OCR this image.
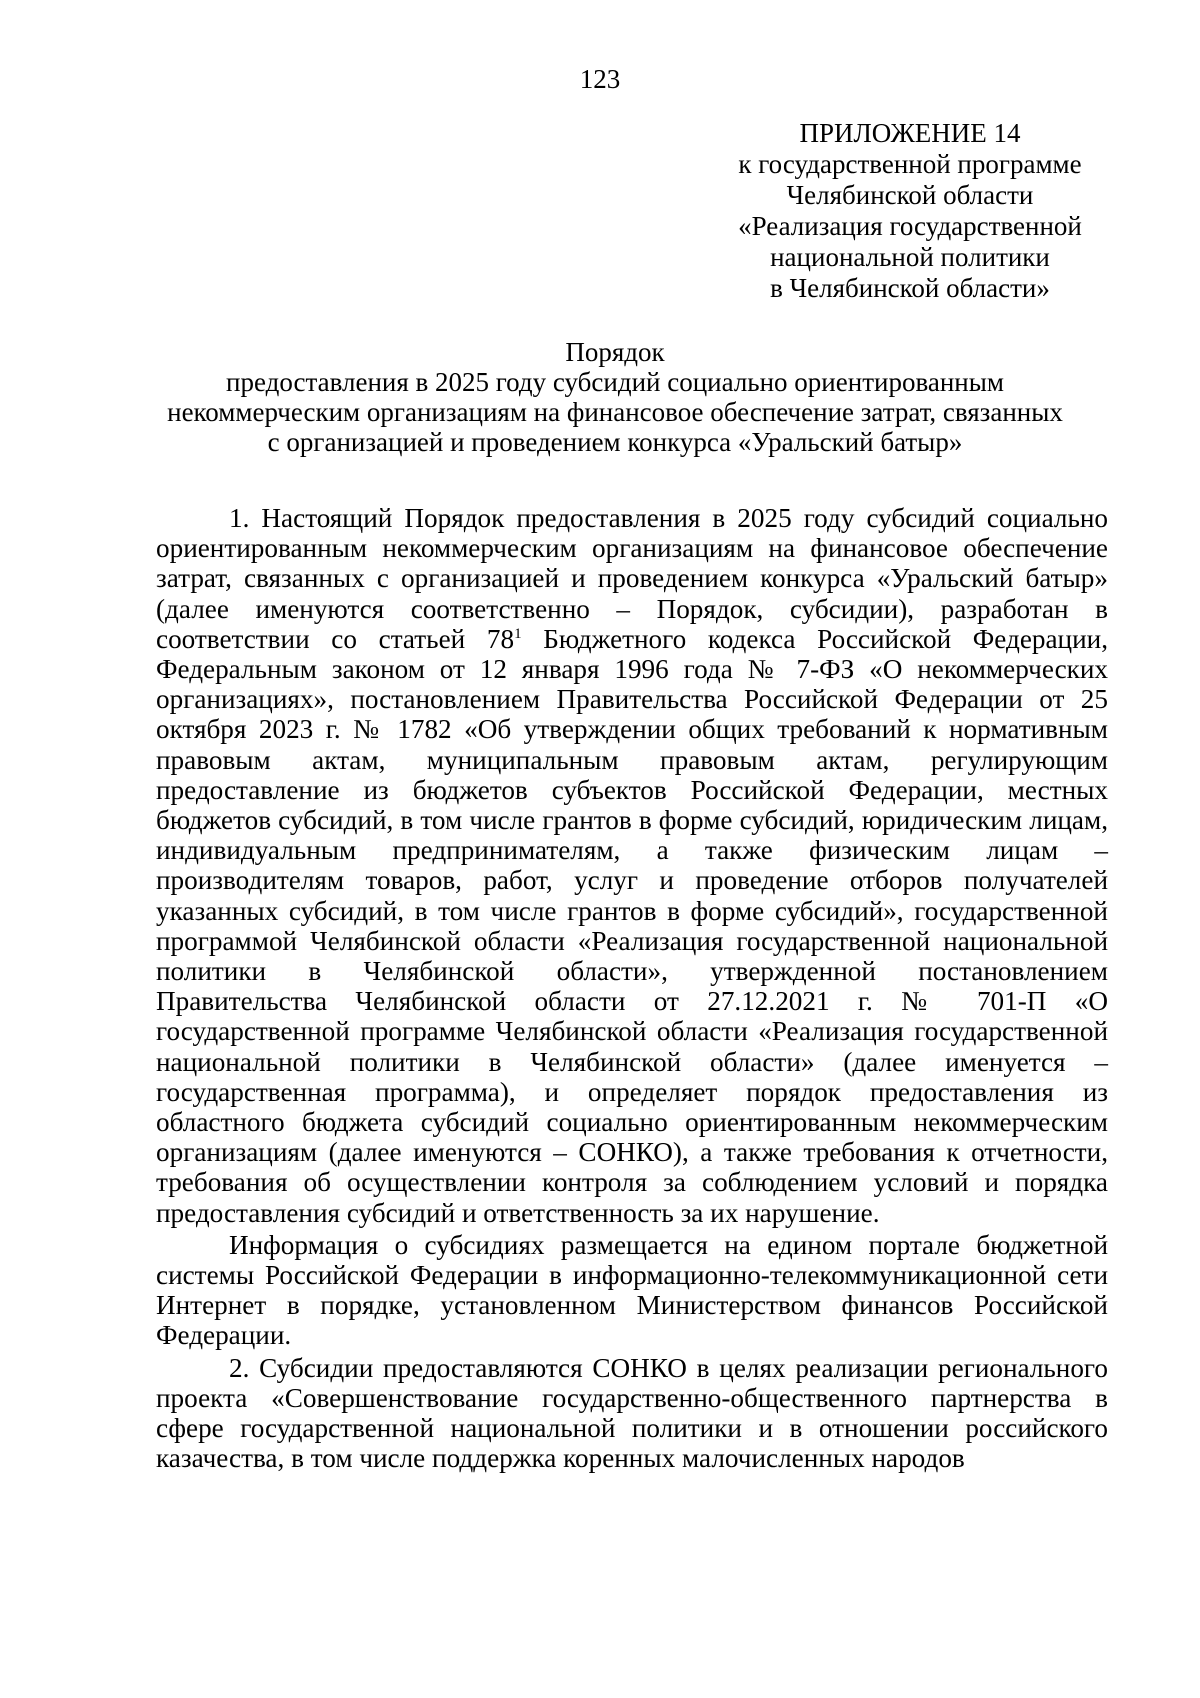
123
ПРИЛОЖЕНИЕ 14
к государственной программе
Челябинской области
«Реализация государственной
национальной политики
в Челябинской области»
Порядок
предоставления в 2025 году субсидий социально ориентированным
некоммерческим организациям на финансовое обеспечение затрат, связанных
с организацией и проведением конкурса «Уральский батыр»

1. Настоящий Порядок предоставления в 2025 году субсидий социально ориентированным некоммерческим организациям на финансовое обеспечение затрат, связанных с организацией и проведением конкурса «Уральский батыр» (далее именуются соответственно – Порядок, субсидии), разработан в соответствии со статьей $78^1$ Бюджетного кодекса Российской Федерации, Федеральным законом от 12 января 1996 года № 7-ФЗ «О некоммерческих организациях», постановлением Правительства Российской Федерации от 25 октября 2023 г. № 1782 «Об утверждении общих требований к нормативным правовым актам, муниципальным правовым актам, регулирующим предоставление из бюджетов субъектов Российской Федерации, местных бюджетов субсидий, в том числе грантов в форме субсидий, юридическим лицам, индивидуальным предпринимателям, а также физическим лицам – производителям товаров, работ, услуг и проведение отборов получателей указанных субсидий, в том числе грантов в форме субсидий», государственной программой Челябинской области «Реализация государственной национальной политики в Челябинской области», утвержденной постановлением Правительства Челябинской области от 27.12.2021 г. № 701-П «О государственной программе Челябинской области «Реализация государственной национальной политики в Челябинской области» (далее именуется – государственная программа), и определяет порядок предоставления из областного бюджета субсидий социально ориентированным некоммерческим организациям (далее именуются – СОНКО), а также требования к отчетности, требования об осуществлении контроля за соблюдением условий и порядка предоставления субсидий и ответственность за их нарушение.

Информация о субсидиях размещается на едином портале бюджетной системы Российской Федерации в информационно-телекоммуникационной сети Интернет в порядке, установленном Министерством финансов Российской Федерации.

2. Субсидии предоставляются СОНКО в целях реализации регионального проекта «Совершенствование государственно-общественного партнерства в сфере государственной национальной политики и в отношении российского казачества, в том числе поддержка коренных малочисленных народов
